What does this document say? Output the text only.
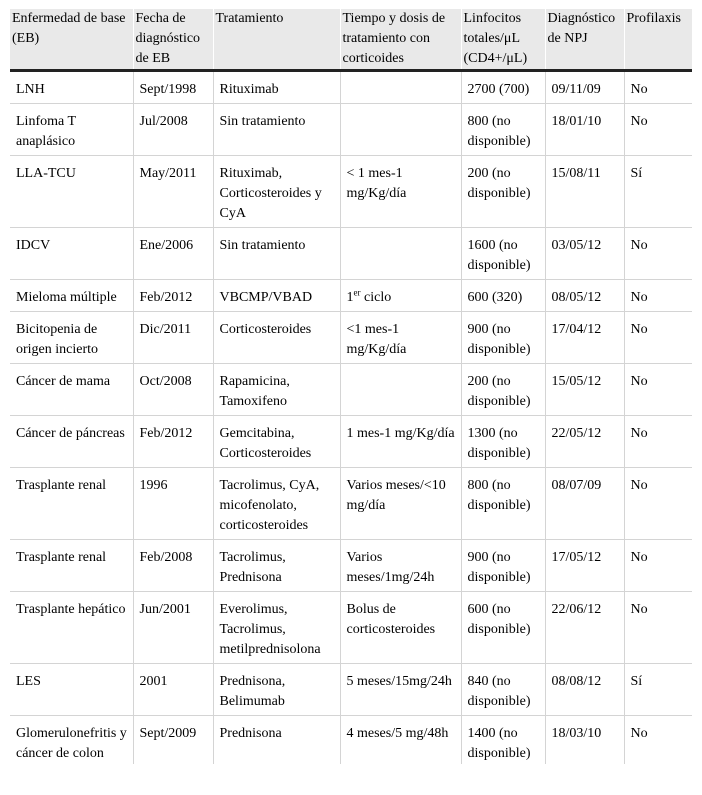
Enfermedad de base (EB)	Fecha de diagnóstico de EB	Tratamiento	Tiempo y dosis de tratamiento con corticoides	Linfocitos totales/μL (CD4+/μL)	Diagnóstico de NPJ	Profilaxis
LNH	Sept/1998	Rituximab		2700 (700)	09/11/09	No
Linfoma T anaplásico	Jul/2008	Sin tratamiento		800 (no disponible)	18/01/10	No
LLA-TCU	May/2011	Rituximab, Corticosteroides y CyA	< 1 mes-1 mg/Kg/día	200 (no disponible)	15/08/11	Sí
IDCV	Ene/2006	Sin tratamiento		1600 (no disponible)	03/05/12	No
Mieloma múltiple	Feb/2012	VBCMP/VBAD	1er ciclo	600 (320)	08/05/12	No
Bicitopenia de origen incierto	Dic/2011	Corticosteroides	<1 mes-1 mg/Kg/día	900 (no disponible)	17/04/12	No
Cáncer de mama	Oct/2008	Rapamicina, Tamoxifeno		200 (no disponible)	15/05/12	No
Cáncer de páncreas	Feb/2012	Gemcitabina, Corticosteroides	1 mes-1 mg/Kg/día	1300 (no disponible)	22/05/12	No
Trasplante renal	1996	Tacrolimus, CyA, micofenolato, corticosteroides	Varios meses/<10 mg/día	800 (no disponible)	08/07/09	No
Trasplante renal	Feb/2008	Tacrolimus, Prednisona	Varios meses/1mg/24h	900 (no disponible)	17/05/12	No
Trasplante hepático	Jun/2001	Everolimus, Tacrolimus, metilprednisolona	Bolus de corticosteroides	600 (no disponible)	22/06/12	No
LES	2001	Prednisona, Belimumab	5 meses/15mg/24h	840 (no disponible)	08/08/12	Sí
Glomerulonefritis y cáncer de colon	Sept/2009	Prednisona	4 meses/5 mg/48h	1400 (no disponible)	18/03/10	No
